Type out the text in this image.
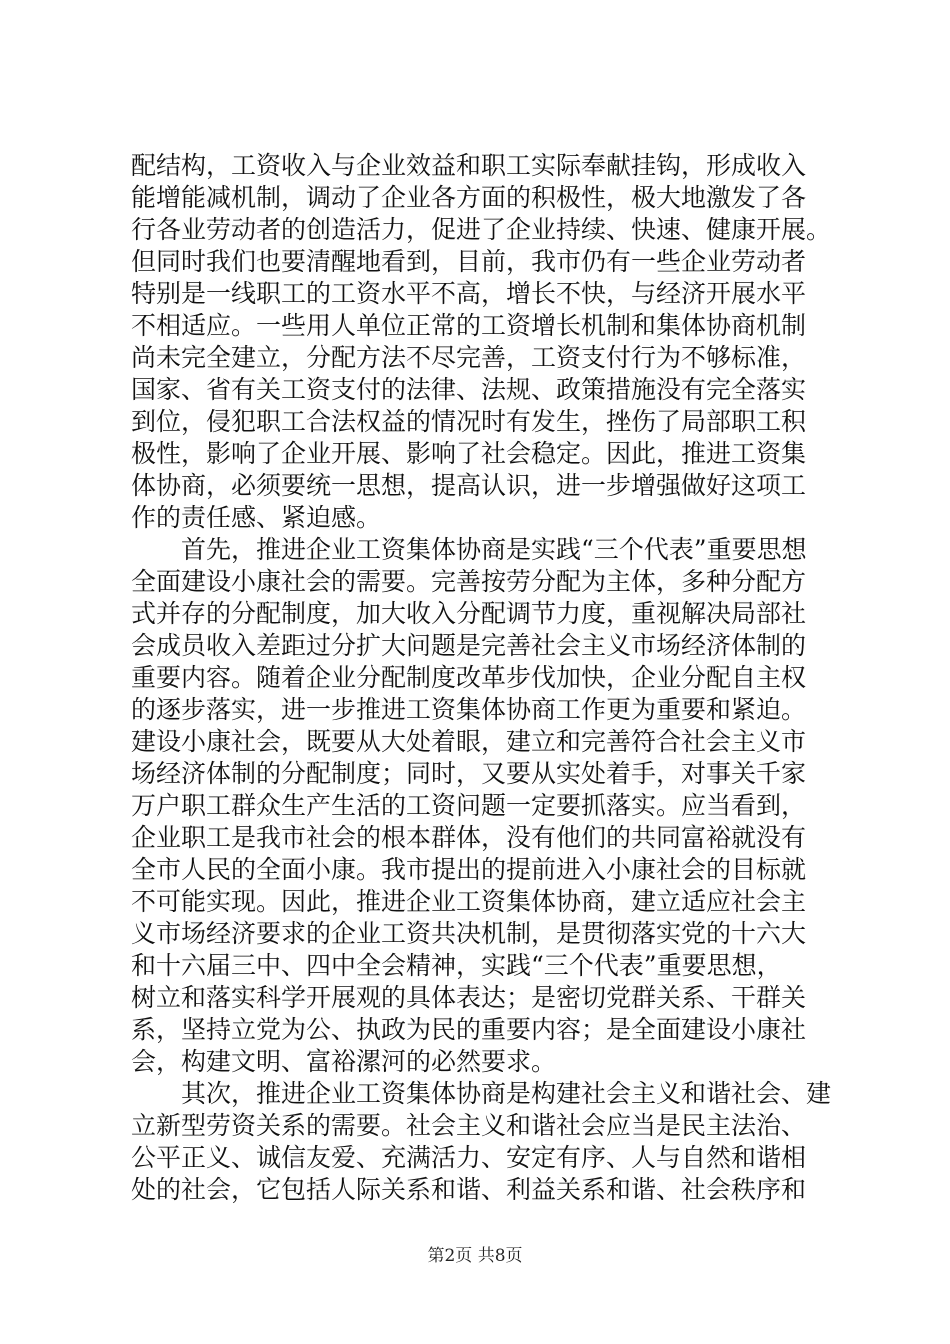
配结构，工资收入与企业效益和职工实际奉献挂钩，形成收入
能增能减机制，调动了企业各方面的积极性，极大地激发了各
行各业劳动者的创造活力，促进了企业持续、快速、健康开展。
但同时我们也要清醒地看到，目前，我市仍有一些企业劳动者
特别是一线职工的工资水平不高，增长不快，与经济开展水平
不相适应。一些用人单位正常的工资增长机制和集体协商机制
尚未完全建立，分配方法不尽完善，工资支付行为不够标准，
国家、省有关工资支付的法律、法规、政策措施没有完全落实
到位，侵犯职工合法权益的情况时有发生，挫伤了局部职工积
极性，影响了企业开展、影响了社会稳定。因此，推进工资集
体协商，必须要统一思想，提高认识，进一步增强做好这项工
作的责任感、紧迫感。
　　首先，推进企业工资集体协商是实践“三个代表”重要思想
全面建设小康社会的需要。完善按劳分配为主体，多种分配方
式并存的分配制度，加大收入分配调节力度，重视解决局部社
会成员收入差距过分扩大问题是完善社会主义市场经济体制的
重要内容。随着企业分配制度改革步伐加快，企业分配自主权
的逐步落实，进一步推进工资集体协商工作更为重要和紧迫。
建设小康社会，既要从大处着眼，建立和完善符合社会主义市
场经济体制的分配制度；同时，又要从实处着手，对事关千家
万户职工群众生产生活的工资问题一定要抓落实。应当看到，
企业职工是我市社会的根本群体，没有他们的共同富裕就没有
全市人民的全面小康。我市提出的提前进入小康社会的目标就
不可能实现。因此，推进企业工资集体协商，建立适应社会主
义市场经济要求的企业工资共决机制，是贯彻落实党的十六大
和十六届三中、四中全会精神，实践“三个代表”重要思想，
树立和落实科学开展观的具体表达；是密切党群关系、干群关
系，坚持立党为公、执政为民的重要内容；是全面建设小康社
会，构建文明、富裕漯河的必然要求。
　　其次，推进企业工资集体协商是构建社会主义和谐社会、建
立新型劳资关系的需要。社会主义和谐社会应当是民主法治、
公平正义、诚信友爱、充满活力、安定有序、人与自然和谐相
处的社会，它包括人际关系和谐、利益关系和谐、社会秩序和
第2页 共8页
